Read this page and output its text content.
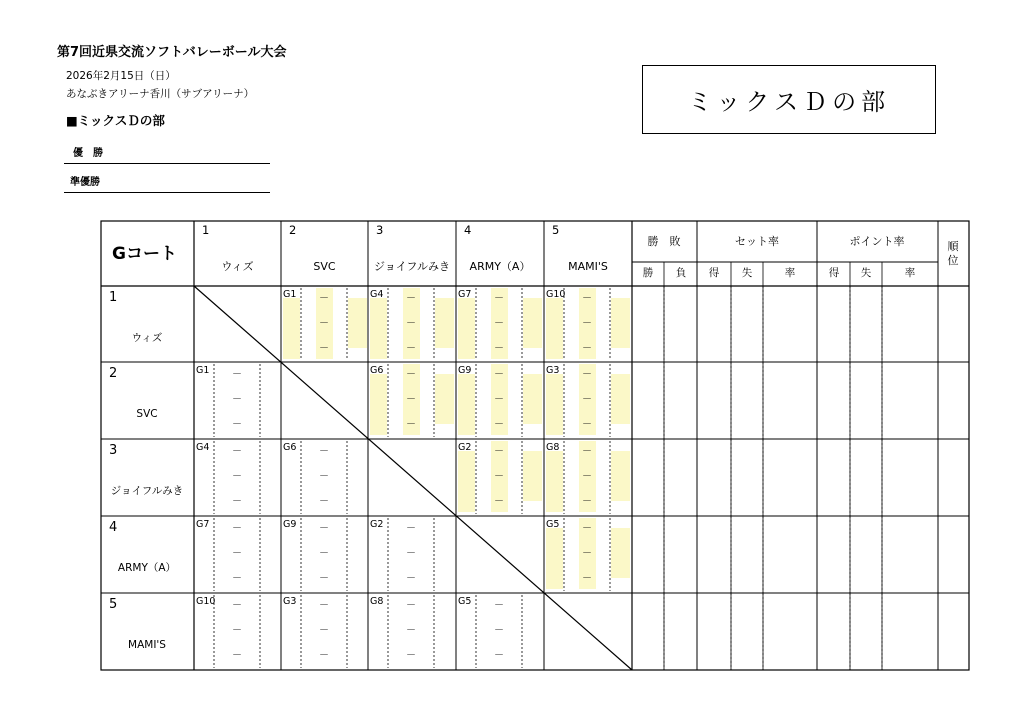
第7回近県交流ソフトバレーボール大会
2026年2月15日（日）
あなぶきアリーナ香川（サブアリーナ）
■ミックスＤの部
優　勝
準優勝
ミックスＤの部
Gコート
1
ウィズ
2
SVC
3
ジョイフルみき
4
ARMY（A）
5
MAMI'S
勝　敗
勝 負
セット率
得 失	率
ポイント率
得 失	率
順
位
1
ウィズ
2
SVC
3
ジョイフルみき
4
ARMY（A）
5
MAMI'S
G1 －
－
－
G4 －
－
－
G7 －
－
－
G10 －
－
－
G1 －
－
－
G6 －
－
－
G9 －
－
－
G3 －
－
－
G4 －
－
－
G6 －
－
－
G2 －
－
－
G8 －
－
－
G7 －
－
－
G9 －
－
－
G2 －
－
－
G5 －
－
－
G10 －
－
－
G3 －
－
－
G8 －
－
－
G5 －
－
－
